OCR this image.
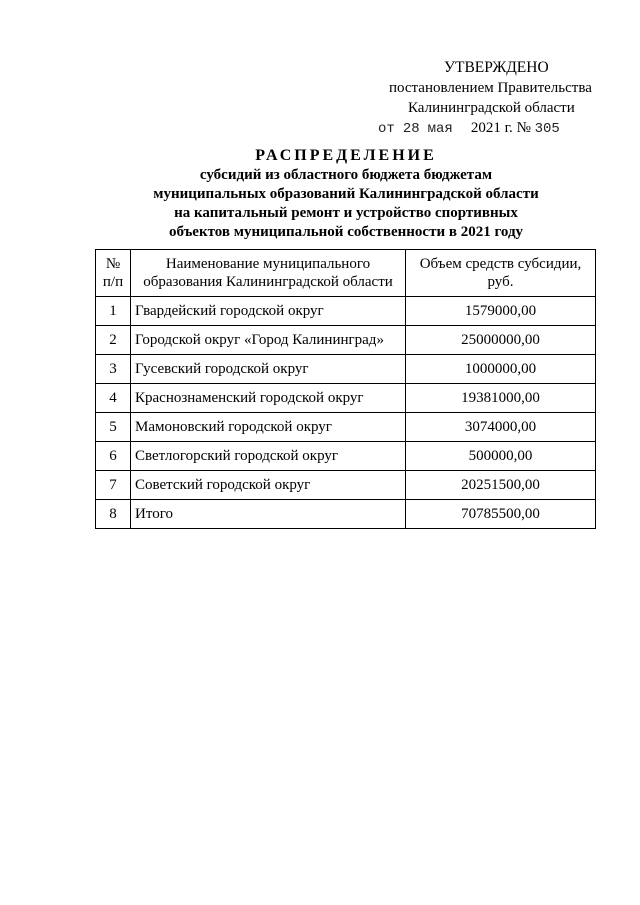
УТВЕРЖДЕНО
постановлением Правительства
Калининградской области
от 28 мая 2021 г. № 305
РАСПРЕДЕЛЕНИЕ
субсидий из областного бюджета бюджетам
муниципальных образований Калининградской области
на капитальный ремонт и устройство спортивных
объектов муниципальной собственности в 2021 году
№ п/п	Наименование муниципального образования Калининградской области	Объем средств субсидии, руб.
1	Гвардейский городской округ	1579000,00
2	Городской округ «Город Калининград»	25000000,00
3	Гусевский городской округ	1000000,00
4	Краснознаменский городской округ	19381000,00
5	Мамоновский городской округ	3074000,00
6	Светлогорский городской округ	500000,00
7	Советский городской округ	20251500,00
8	Итого	70785500,00
